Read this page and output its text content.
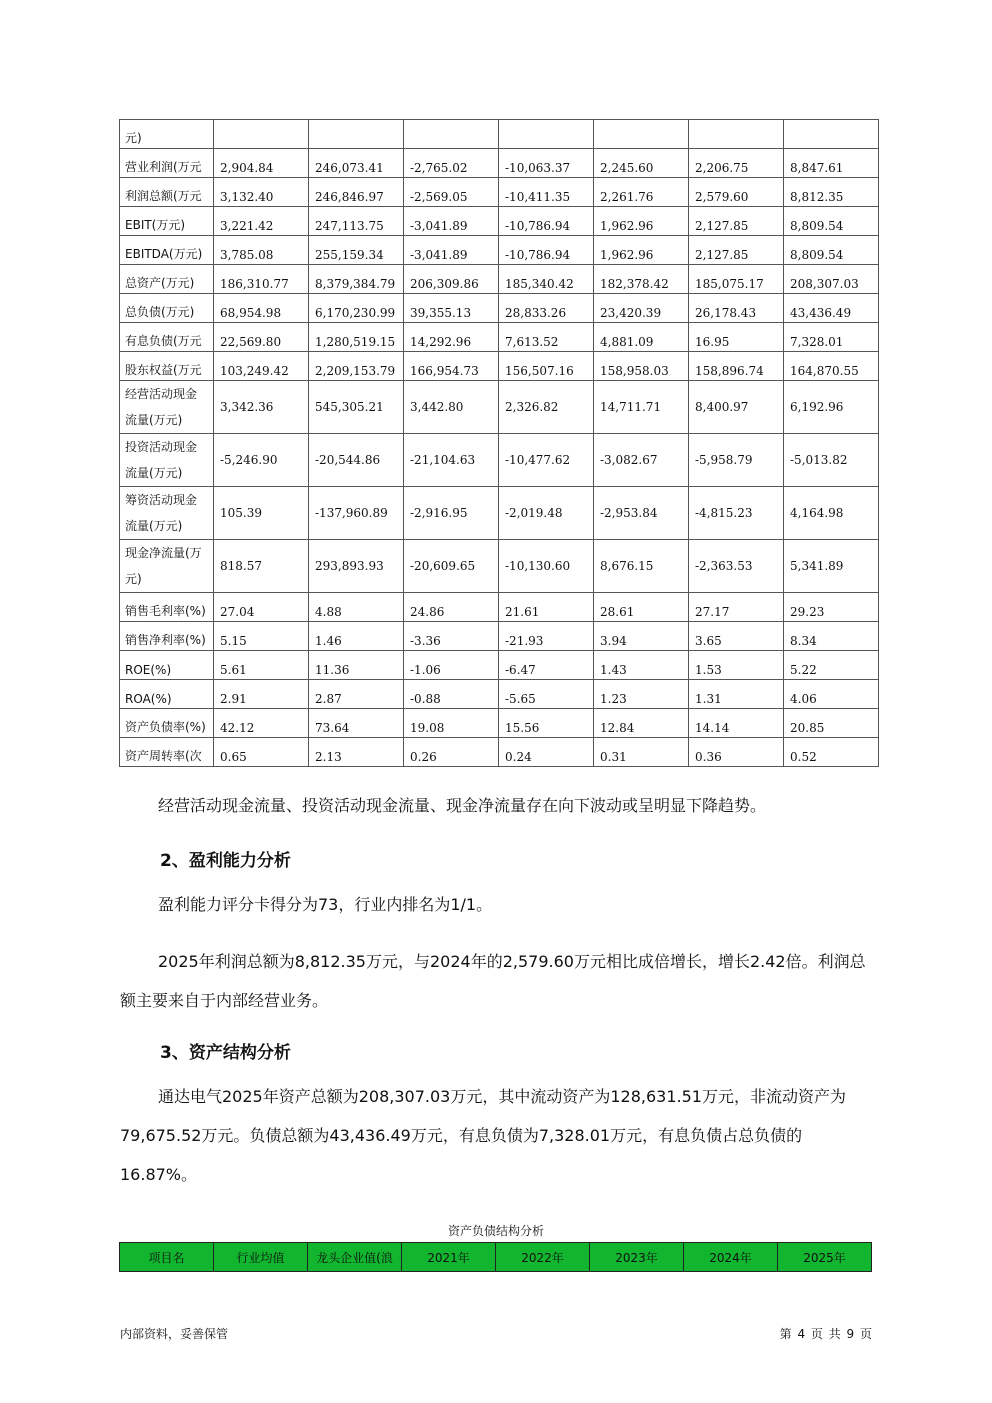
元)							
营业利润(万元	2,904.84	246,073.41	-2,765.02	-10,063.37	2,245.60	2,206.75	8,847.61
利润总额(万元	3,132.40	246,846.97	-2,569.05	-10,411.35	2,261.76	2,579.60	8,812.35
EBIT(万元)	3,221.42	247,113.75	-3,041.89	-10,786.94	1,962.96	2,127.85	8,809.54
EBITDA(万元)	3,785.08	255,159.34	-3,041.89	-10,786.94	1,962.96	2,127.85	8,809.54
总资产(万元)	186,310.77	8,379,384.79	206,309.86	185,340.42	182,378.42	185,075.17	208,307.03
总负债(万元)	68,954.98	6,170,230.99	39,355.13	28,833.26	23,420.39	26,178.43	43,436.49
有息负债(万元	22,569.80	1,280,519.15	14,292.96	7,613.52	4,881.09	16.95	7,328.01
股东权益(万元	103,249.42	2,209,153.79	166,954.73	156,507.16	158,958.03	158,896.74	164,870.55
经营活动现金流量(万元)	3,342.36	545,305.21	3,442.80	2,326.82	14,711.71	8,400.97	6,192.96
投资活动现金流量(万元)	-5,246.90	-20,544.86	-21,104.63	-10,477.62	-3,082.67	-5,958.79	-5,013.82
筹资活动现金流量(万元)	105.39	-137,960.89	-2,916.95	-2,019.48	-2,953.84	-4,815.23	4,164.98
现金净流量(万元)	818.57	293,893.93	-20,609.65	-10,130.60	8,676.15	-2,363.53	5,341.89
销售毛利率(%)	27.04	4.88	24.86	21.61	28.61	27.17	29.23
销售净利率(%)	5.15	1.46	-3.36	-21.93	3.94	3.65	8.34
ROE(%)	5.61	11.36	-1.06	-6.47	1.43	1.53	5.22
ROA(%)	2.91	2.87	-0.88	-5.65	1.23	1.31	4.06
资产负债率(%)	42.12	73.64	19.08	15.56	12.84	14.14	20.85
资产周转率(次	0.65	2.13	0.26	0.24	0.31	0.36	0.52
经营活动现金流量、投资活动现金流量、现金净流量存在向下波动或呈明显下降趋势。
2、盈利能力分析
盈利能力评分卡得分为73，行业内排名为1/1。
2025年利润总额为8,812.35万元，与2024年的2,579.60万元相比成倍增长，增长2.42倍。利润总额主要来自于内部经营业务。
3、资产结构分析
通达电气2025年资产总额为208,307.03万元，其中流动资产为128,631.51万元，非流动资产为79,675.52万元。负债总额为43,436.49万元，有息负债为7,328.01万元，有息负债占总负债的16.87%。
资产负债结构分析
项目名	行业均值	龙头企业值(浪	2021年	2022年	2023年	2024年	2025年
内部资料，妥善保管	第 4 页 共 9 页
